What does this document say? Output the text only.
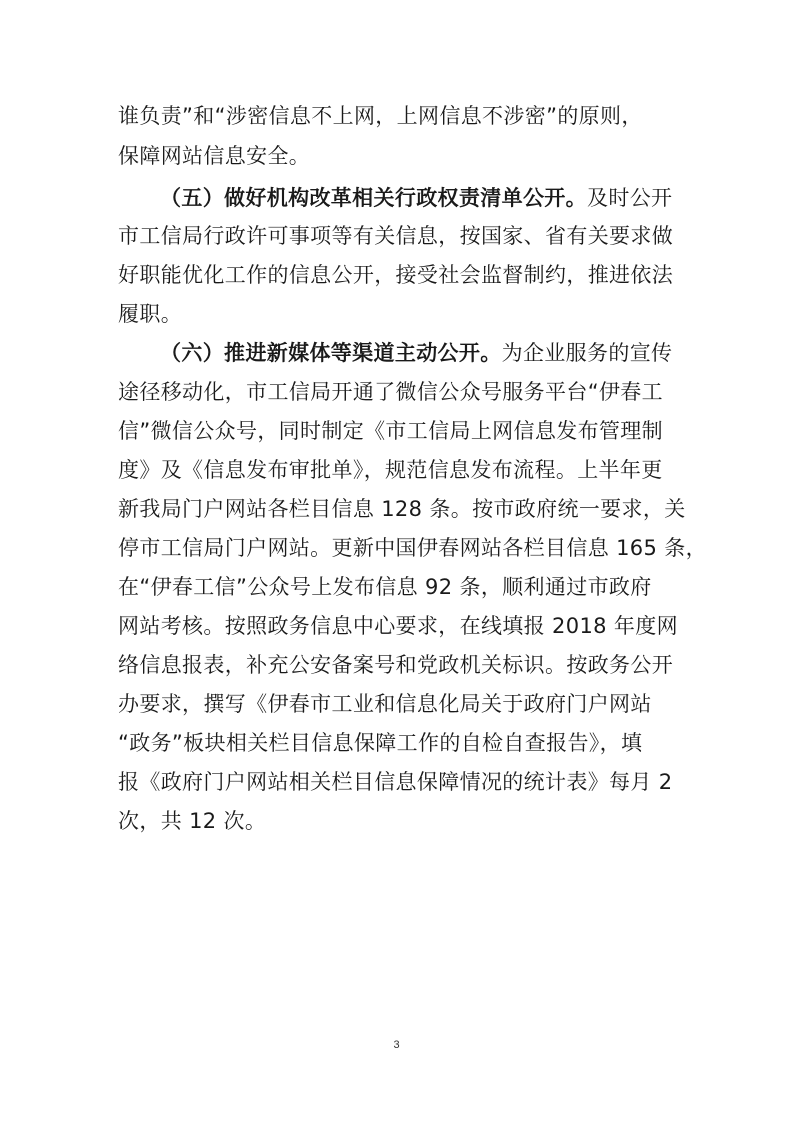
谁负责”和“涉密信息不上网，上网信息不涉密”的原则，
保障网站信息安全。
（五）做好机构改革相关行政权责清单公开。及时公开
市工信局行政许可事项等有关信息，按国家、省有关要求做
好职能优化工作的信息公开，接受社会监督制约，推进依法
履职。
（六）推进新媒体等渠道主动公开。为企业服务的宣传
途径移动化，市工信局开通了微信公众号服务平台“伊春工
信”微信公众号，同时制定《市工信局上网信息发布管理制
度》及《信息发布审批单》，规范信息发布流程。上半年更
新我局门户网站各栏目信息 128 条。按市政府统一要求，关
停市工信局门户网站。更新中国伊春网站各栏目信息 165 条，
在“伊春工信”公众号上发布信息 92 条，顺利通过市政府
网站考核。按照政务信息中心要求，在线填报 2018 年度网
络信息报表，补充公安备案号和党政机关标识。按政务公开
办要求，撰写《伊春市工业和信息化局关于政府门户网站
“政务”板块相关栏目信息保障工作的自检自查报告》，填
报《政府门户网站相关栏目信息保障情况的统计表》每月 2
次，共 12 次。
3
